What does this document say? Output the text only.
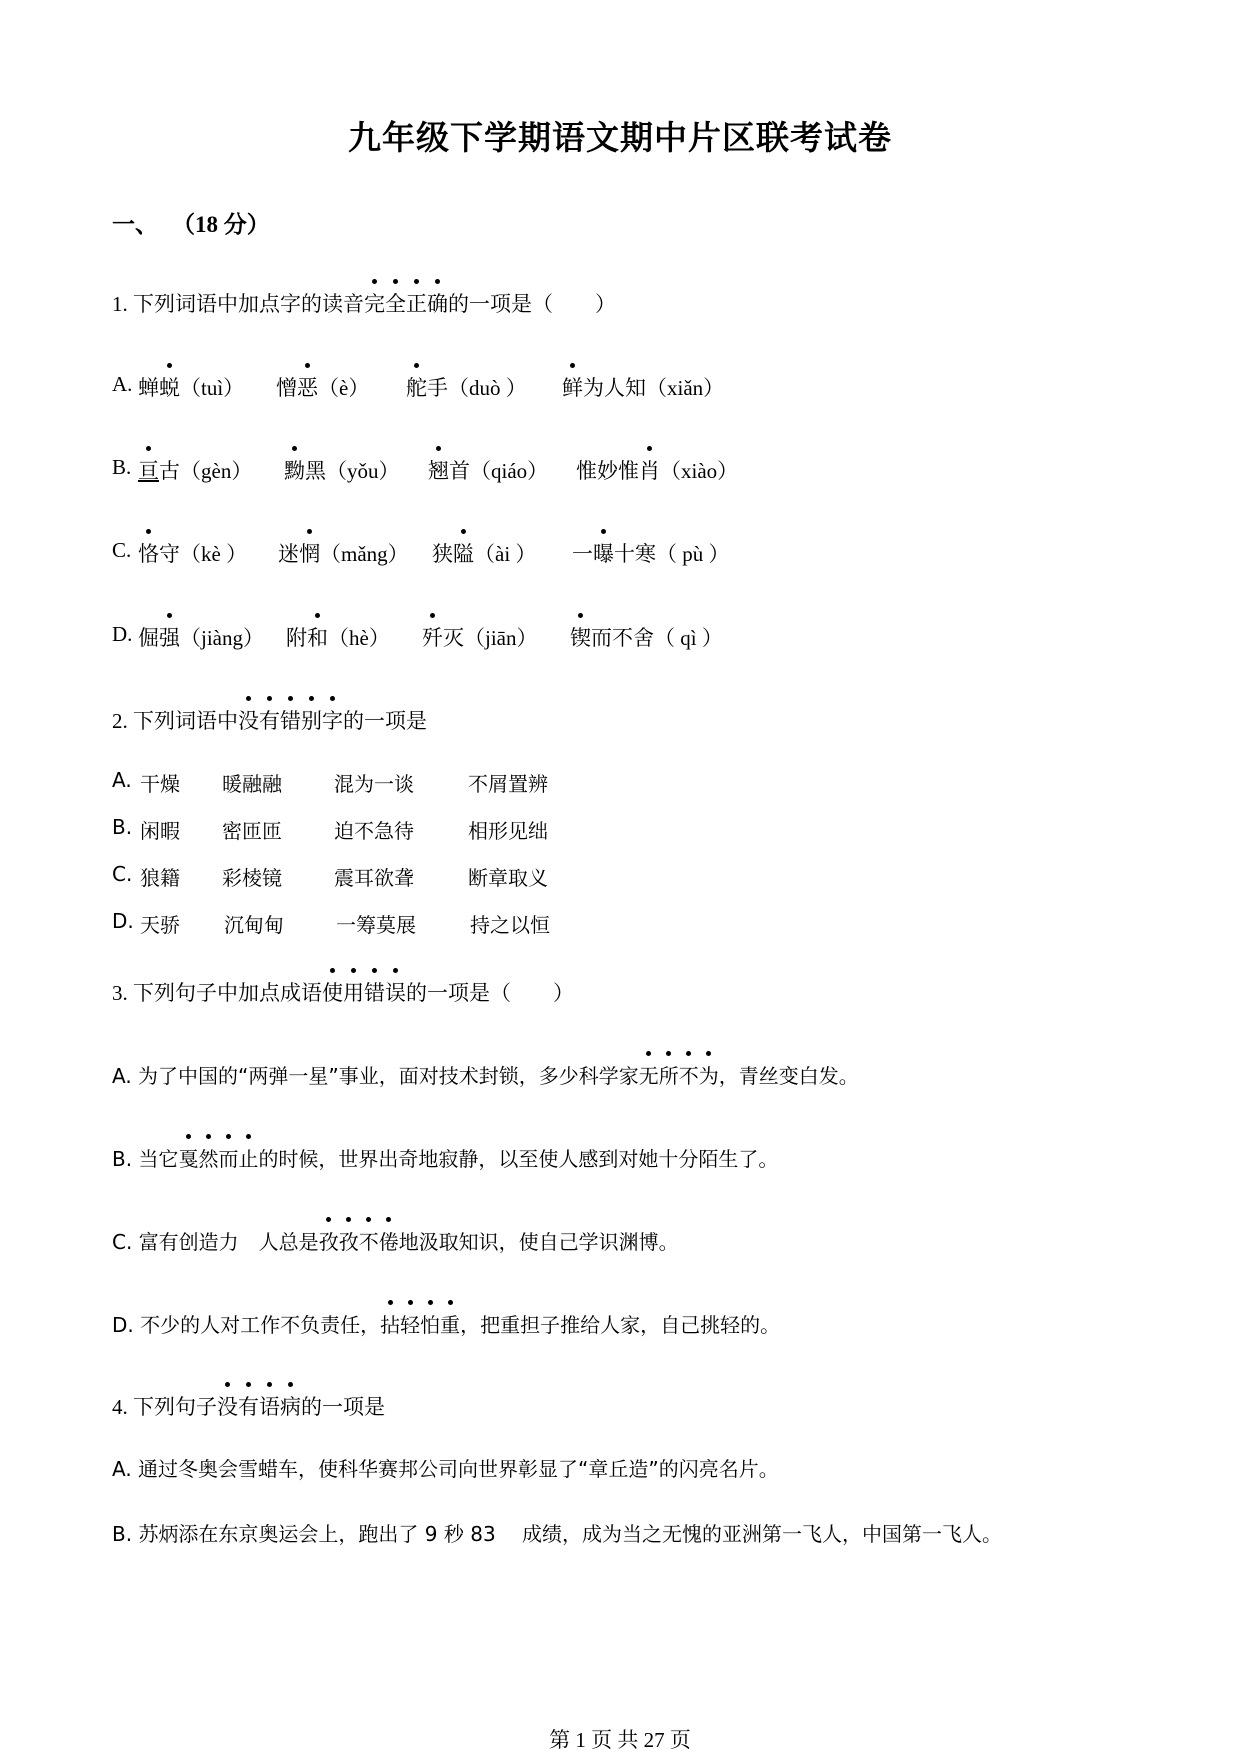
九年级下学期语文期中片区联考试卷
一、 （18 分）
1. 下列词语中加点字的读音完全正确的一项是（　　）
A. 蝉蜕（tuì） 憎恶（è） 舵手（duò ） 鲜为人知（xiǎn）
B. 亘古（gèn） 黝黑（yǒu） 翘首（qiáo） 惟妙惟肖（xiào）
C. 恪守（kè ） 迷惘（mǎng） 狭隘（ài ） 一曝十寒（ pù ）
D. 倔强（jiàng） 附和（hè） 歼灭（jiān） 锲而不舍（ qì ）
2. 下列词语中没有错别字的一项是
A. 干燥 暖融融	混为一谈	不屑置辨
B. 闲暇 密匝匝	迫不急待	相形见绌
C. 狼籍 彩棱镜	震耳欲聋	断章取义
D. 天骄 沉甸甸	一筹莫展	持之以恒
3. 下列句子中加点成语使用错误的一项是（　　）
A. 为了中国的“两弹一星”事业，面对技术封锁，多少科学家无所不为，青丝变白发。
B. 当它戛然而止的时候，世界出奇地寂静，以至使人感到对她十分陌生了。
C. 富有创造力　人总是孜孜不倦地汲取知识，使自己学识渊博。
D. 不少的人对工作不负责任，拈轻怕重，把重担子推给人家，自己挑轻的。
4. 下列句子没有语病的一项是
A. 通过冬奥会雪蜡车，使科华赛邦公司向世界彰显了“章丘造”的闪亮名片。
B. 苏炳添在东京奥运会上，跑出了 9 秒 83　 成绩，成为当之无愧的亚洲第一飞人，中国第一飞人。
第 1 页 共 27 页
